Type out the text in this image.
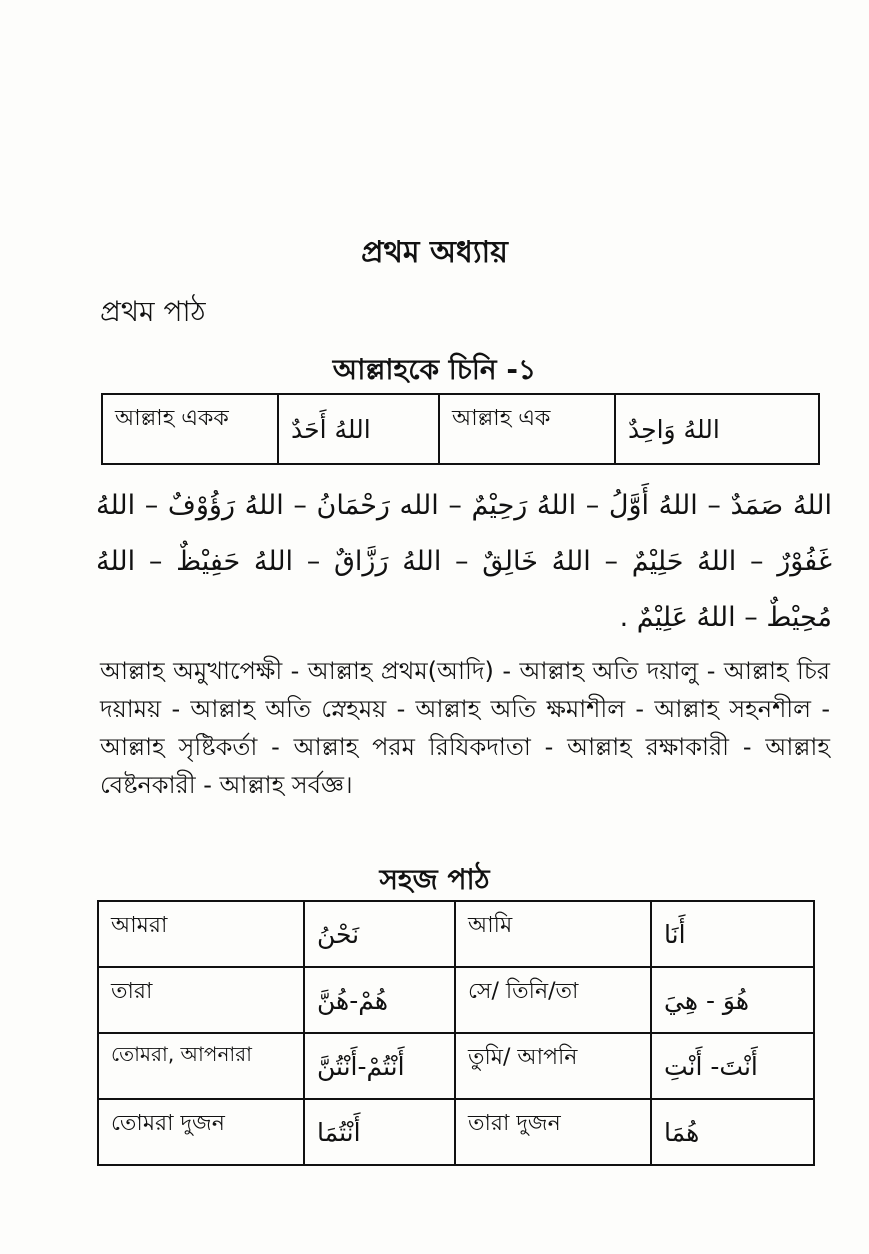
প্রথম অধ্যায়
প্রথম পাঠ
আল্লাহকে চিনি -১
আল্লাহ একক	اللهُ أَحَدٌ	আল্লাহ এক	اللهُ وَاحِدٌ
اللهُ صَمَدٌ – اللهُ أَوَّلُ – اللهُ رَحِيْمٌ – الله رَحْمَانُ – اللهُ رَؤُوْفٌ – اللهُ غَفُوْرٌ – اللهُ حَلِيْمٌ – اللهُ خَالِقٌ – اللهُ رَزَّاقٌ – اللهُ حَفِيْظٌ – اللهُ مُحِيْطٌ – اللهُ عَلِيْمٌ .
আল্লাহ অমুখাপেক্ষী - আল্লাহ প্রথম(আদি) - আল্লাহ অতি দয়ালু - আল্লাহ চির দয়াময় - আল্লাহ অতি স্নেহময় - আল্লাহ অতি ক্ষমাশীল - আল্লাহ সহনশীল - আল্লাহ সৃষ্টিকর্তা - আল্লাহ পরম রিযিকদাতা - আল্লাহ রক্ষাকারী - আল্লাহ বেষ্টনকারী - আল্লাহ সর্বজ্ঞ।
সহজ পাঠ
আমরা	نَحْنُ	আমি	أَنَا
তারা	هُمْ-هُنَّ	সে/ তিনি/তা	هُوَ - هِيَ
তোমরা, আপনারা	أَنْتُمْ-أَنْتُنَّ	তুমি/ আপনি	أَنْتَ- أَنْتِ
তোমরা দুজন	أَنْتُمَا	তারা দুজন	هُمَا
